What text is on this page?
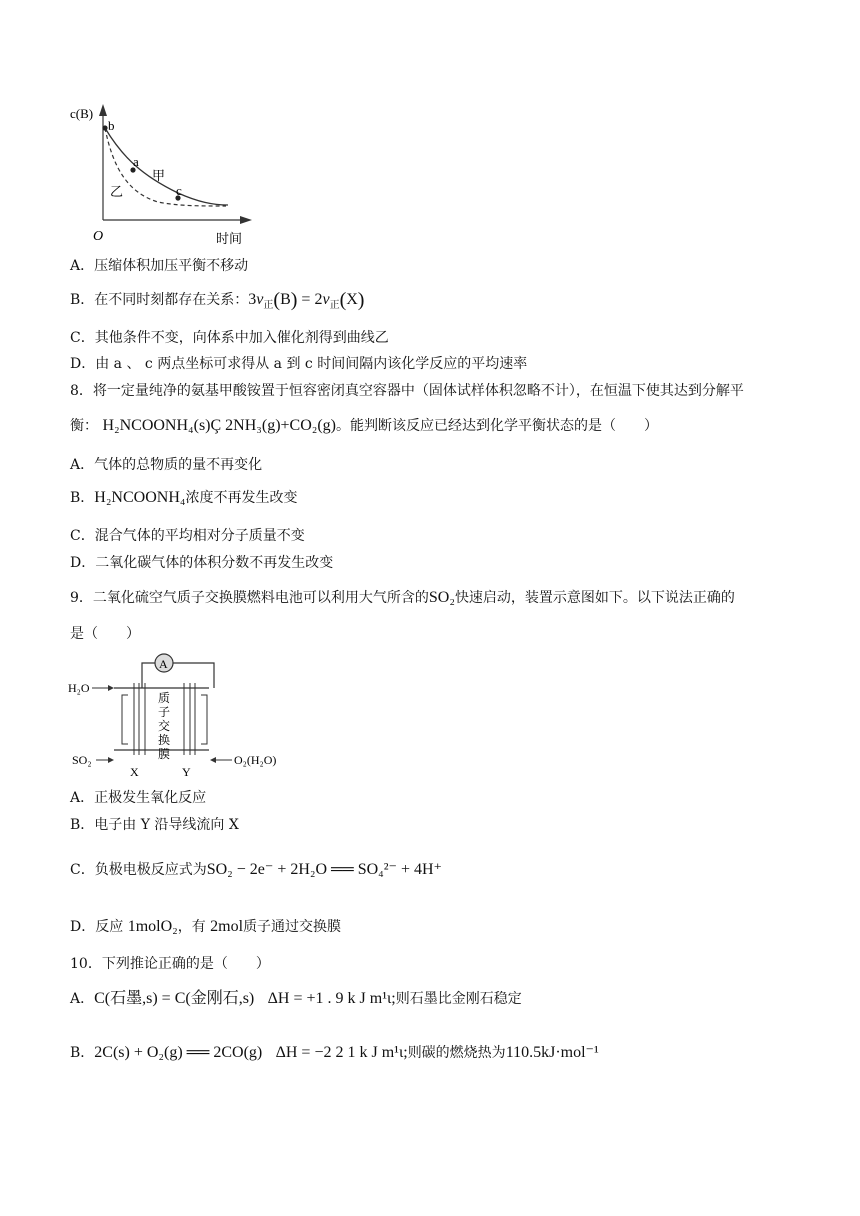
c(B)
b
a
甲
乙	c
O	时间
A．压缩体积加压平衡不移动
B．在不同时刻都存在关系：$3v_正(B) = 2v_正(X)$
C．其他条件不变，向体系中加入催化剂得到曲线乙
D．由 a 、 c 两点坐标可求得从 a 到 c 时间间隔内该化学反应的平均速率
8．将一定量纯净的氨基甲酸铵置于恒容密闭真空容器中（固体试样体积忽略不计），在恒温下使其达到分解平
衡： H₂NCOONH₄(s)Ç 2NH₃(g)+CO₂(g)。能判断该反应已经达到化学平衡状态的是（　　）
A．气体的总物质的量不再变化
B．H₂NCOONH₄浓度不再发生改变
C．混合气体的平均相对分子质量不变
D．二氧化碳气体的体积分数不再发生改变
9．二氧化硫空气质子交换膜燃料电池可以利用大气所含的SO₂快速启动，装置示意图如下。以下说法正确的
是（　　）
A
H₂O
SO₂	O₂(H₂O)
X	Y
质
子
交
换
膜
A．正极发生氧化反应
B．电子由 Y 沿导线流向 X
C．负极电极反应式为SO₂ − 2e⁻ + 2H₂O ══ SO₄²⁻ + 4H⁺
D．反应 1molO₂，有 2mol质子通过交换膜
10．下列推论正确的是（　　）
A．C(石墨,s) = C(金刚石,s) ΔH = +1 . 9 k J m¹ι;则石墨比金刚石稳定
B．2C(s) + O₂(g) ══ 2CO(g) ΔH = −2 2 1 k J m¹ι;则碳的燃烧热为110.5kJ·mol⁻¹
